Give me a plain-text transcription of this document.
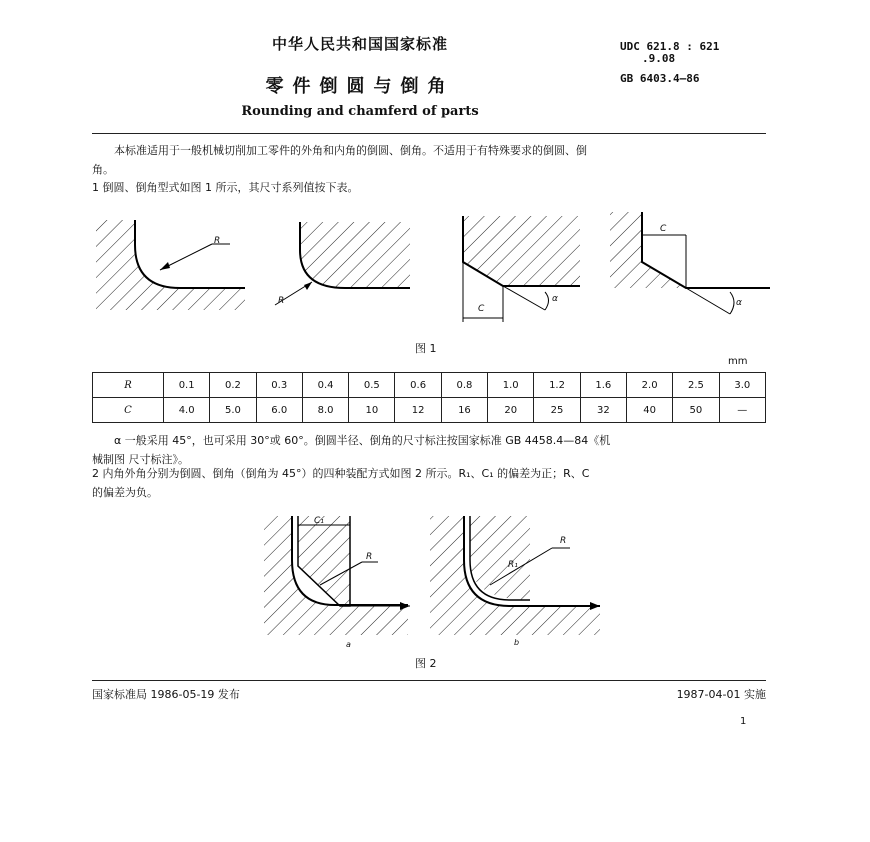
中华人民共和国国家标准
零件倒圆与倒角
Rounding and chamferd of parts
UDC 621.8 : 621
.9.08
GB 6403.4—86
本标准适用于一般机械切削加工零件的外角和内角的倒圆、倒角。不适用于有特殊要求的倒圆、倒
角。
1 倒圆、倒角型式如图 1 所示，其尺寸系列值按下表。
R
R
C
C
α	α
图 1
mm
R	0.1	0.2	0.3	0.4	0.5	0.6	0.8	1.0	1.2	1.6	2.0	2.5	3.0
C	4.0	5.0	6.0	8.0	10	12	16	20	25	32	40	50	—
α 一般采用 45°，也可采用 30°或 60°。倒圆半径、倒角的尺寸标注按国家标准 GB 4458.4—84《机
械制图 尺寸标注》。
2 内角外角分别为倒圆、倒角（倒角为 45°）的四种装配方式如图 2 所示。R₁、C₁ 的偏差为正；R、C
的偏差为负。
C₁
R
R
R₁
a	b
图 2
国家标准局 1986-05-19 发布	1987-04-01 实施
1
